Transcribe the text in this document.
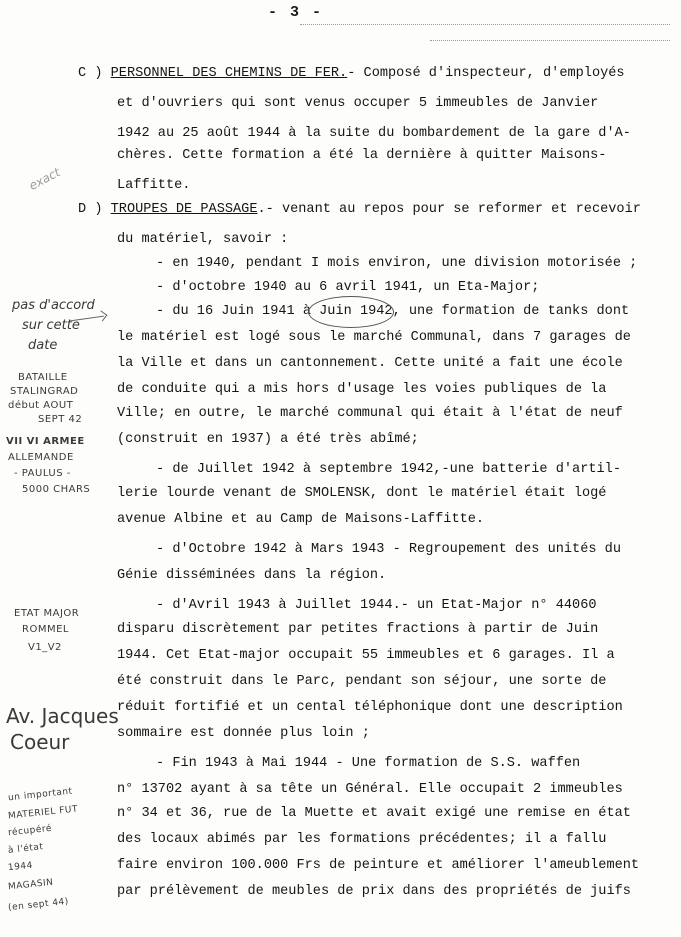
- 3 -
C ) PERSONNEL DES CHEMINS DE FER.- Composé d'inspecteur, d'employés
et d'ouvriers qui sont venus occuper 5 immeubles de Janvier
1942 au 25 août 1944 à la suite du bombardement de la gare d'A-
chères. Cette formation a été la dernière à quitter Maisons-
Laffitte.
D ) TROUPES DE PASSAGE.- venant au repos pour se reformer et recevoir
du matériel, savoir :
- en 1940, pendant I mois environ, une division motorisée ;
- d'octobre 1940 au 6 avril 1941, un Eta-Major;
- du 16 Juin 1941 à Juin 1942, une formation de tanks dont
le matériel est logé sous le marché Communal, dans 7 garages de
la Ville et dans un cantonnement. Cette unité a fait une école
de conduite qui a mis hors d'usage les voies publiques de la
Ville; en outre, le marché communal qui était à l'état de neuf
(construit en 1937) a été très abîmé;
- de Juillet 1942 à septembre 1942,-une batterie d'artil-
lerie lourde venant de SMOLENSK, dont le matériel était logé
avenue Albine et au Camp de Maisons-Laffitte.
- d'Octobre 1942 à Mars 1943 - Regroupement des unités du
Génie disséminées dans la région.
- d'Avril 1943 à Juillet 1944.- un Etat-Major n° 44060
disparu discrètement par petites fractions à partir de Juin
1944. Cet Etat-major occupait 55 immeubles et 6 garages. Il a
été construit dans le Parc, pendant son séjour, une sorte de
réduit fortifié et un cental téléphonique dont une description
sommaire est donnée plus loin ;
- Fin 1943 à Mai 1944 - Une formation de S.S. waffen
n° 13702 ayant à sa tête un Général. Elle occupait 2 immeubles
n° 34 et 36, rue de la Muette et avait exigé une remise en état
des locaux abimés par les formations précédentes; il a fallu
faire environ 100.000 Frs de peinture et améliorer l'ameublement
par prélèvement de meubles de prix dans des propriétés de juifs
exact
pas d'accord
sur cette
date
BATAILLE
STALINGRAD
début AOUT
SEPT 42
VII VI ARMEE
ALLEMANDE
- PAULUS -
5000 CHARS
ETAT MAJOR
ROMMEL
V1_V2
Av. Jacques
Coeur
un important
MATERIEL FUT
récupéré
à l'état
1944
MAGASIN
(en sept 44)
